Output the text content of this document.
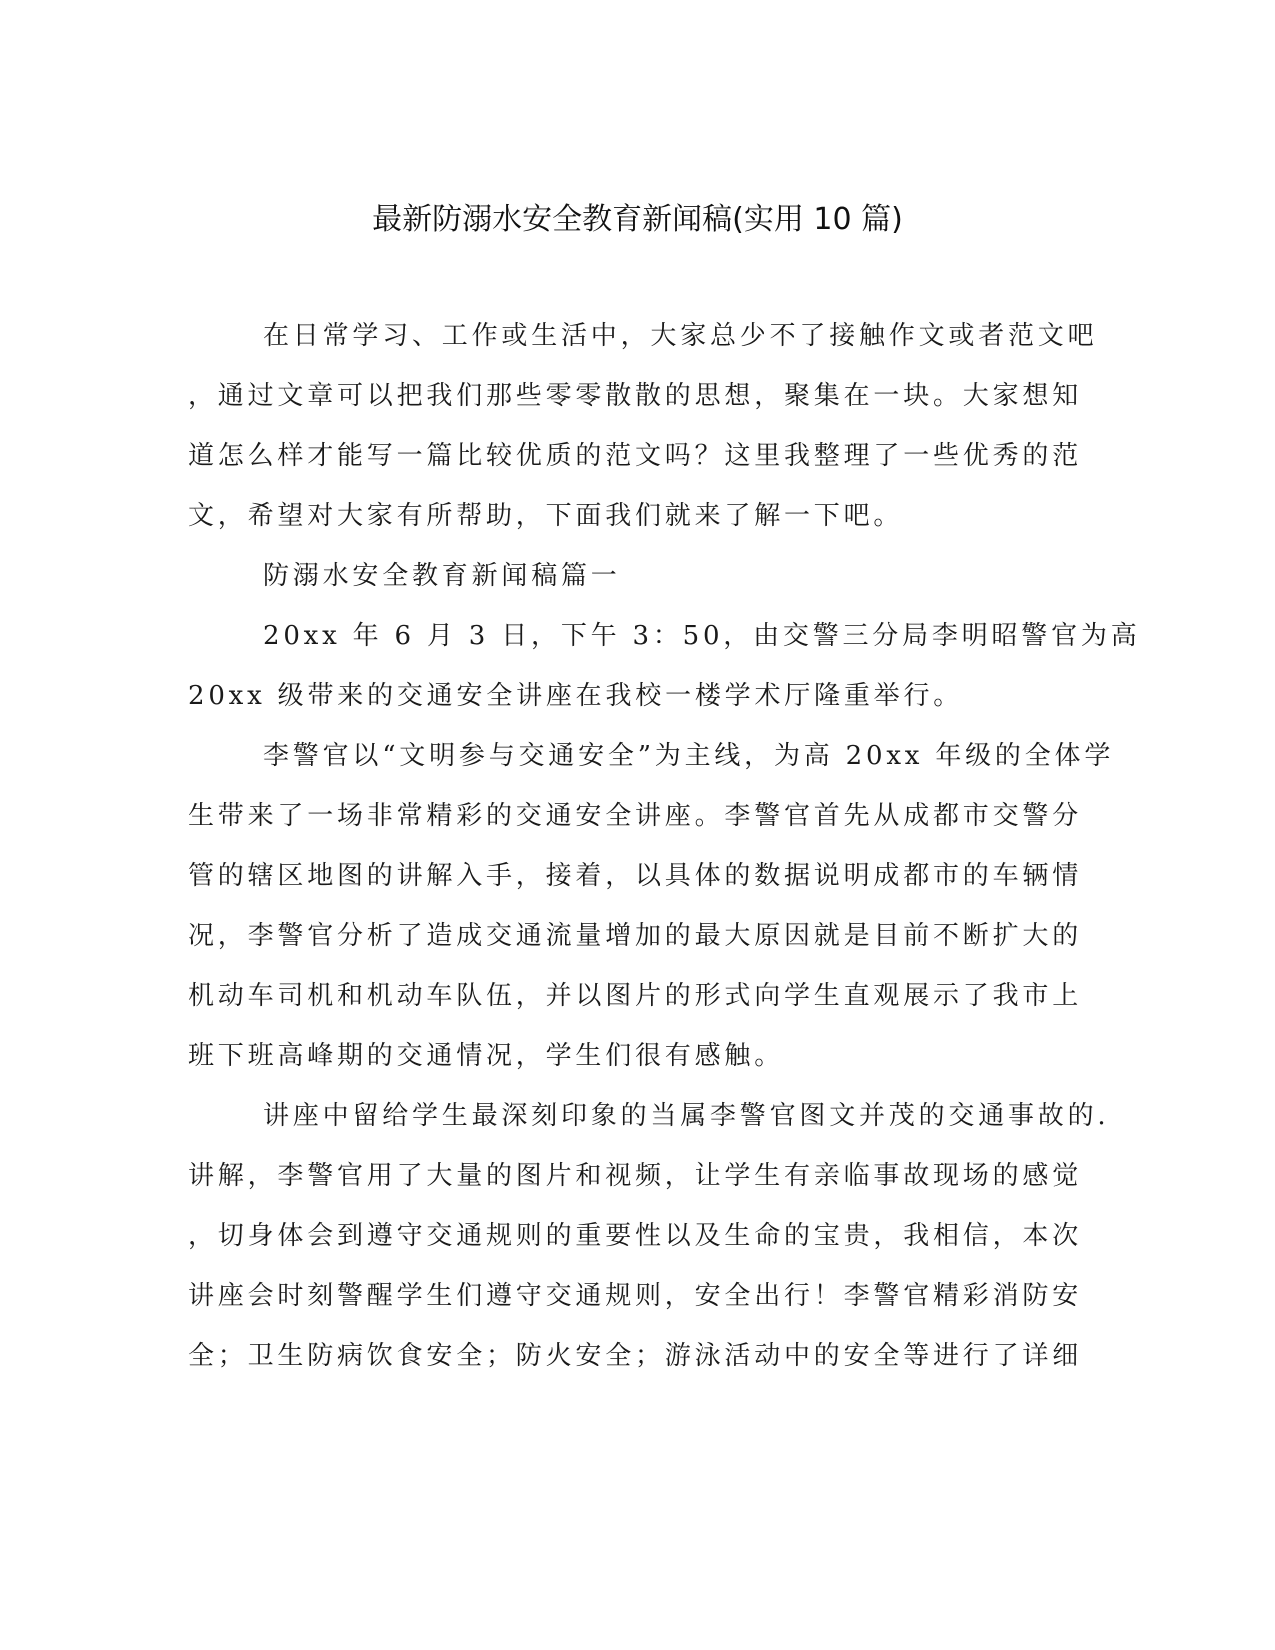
最新防溺水安全教育新闻稿(实用 10 篇)
在日常学习、工作或生活中，大家总少不了接触作文或者范文吧
，通过文章可以把我们那些零零散散的思想，聚集在一块。大家想知
道怎么样才能写一篇比较优质的范文吗？这里我整理了一些优秀的范
文，希望对大家有所帮助，下面我们就来了解一下吧。
防溺水安全教育新闻稿篇一
20xx 年 6 月 3 日，下午 3：50，由交警三分局李明昭警官为高
20xx 级带来的交通安全讲座在我校一楼学术厅隆重举行。
李警官以“文明参与交通安全”为主线，为高 20xx 年级的全体学
生带来了一场非常精彩的交通安全讲座。李警官首先从成都市交警分
管的辖区地图的讲解入手，接着，以具体的数据说明成都市的车辆情
况，李警官分析了造成交通流量增加的最大原因就是目前不断扩大的
机动车司机和机动车队伍，并以图片的形式向学生直观展示了我市上
班下班高峰期的交通情况，学生们很有感触。
讲座中留给学生最深刻印象的当属李警官图文并茂的交通事故的.
讲解，李警官用了大量的图片和视频，让学生有亲临事故现场的感觉
，切身体会到遵守交通规则的重要性以及生命的宝贵，我相信，本次
讲座会时刻警醒学生们遵守交通规则，安全出行！李警官精彩消防安
全；卫生防病饮食安全；防火安全；游泳活动中的安全等进行了详细
